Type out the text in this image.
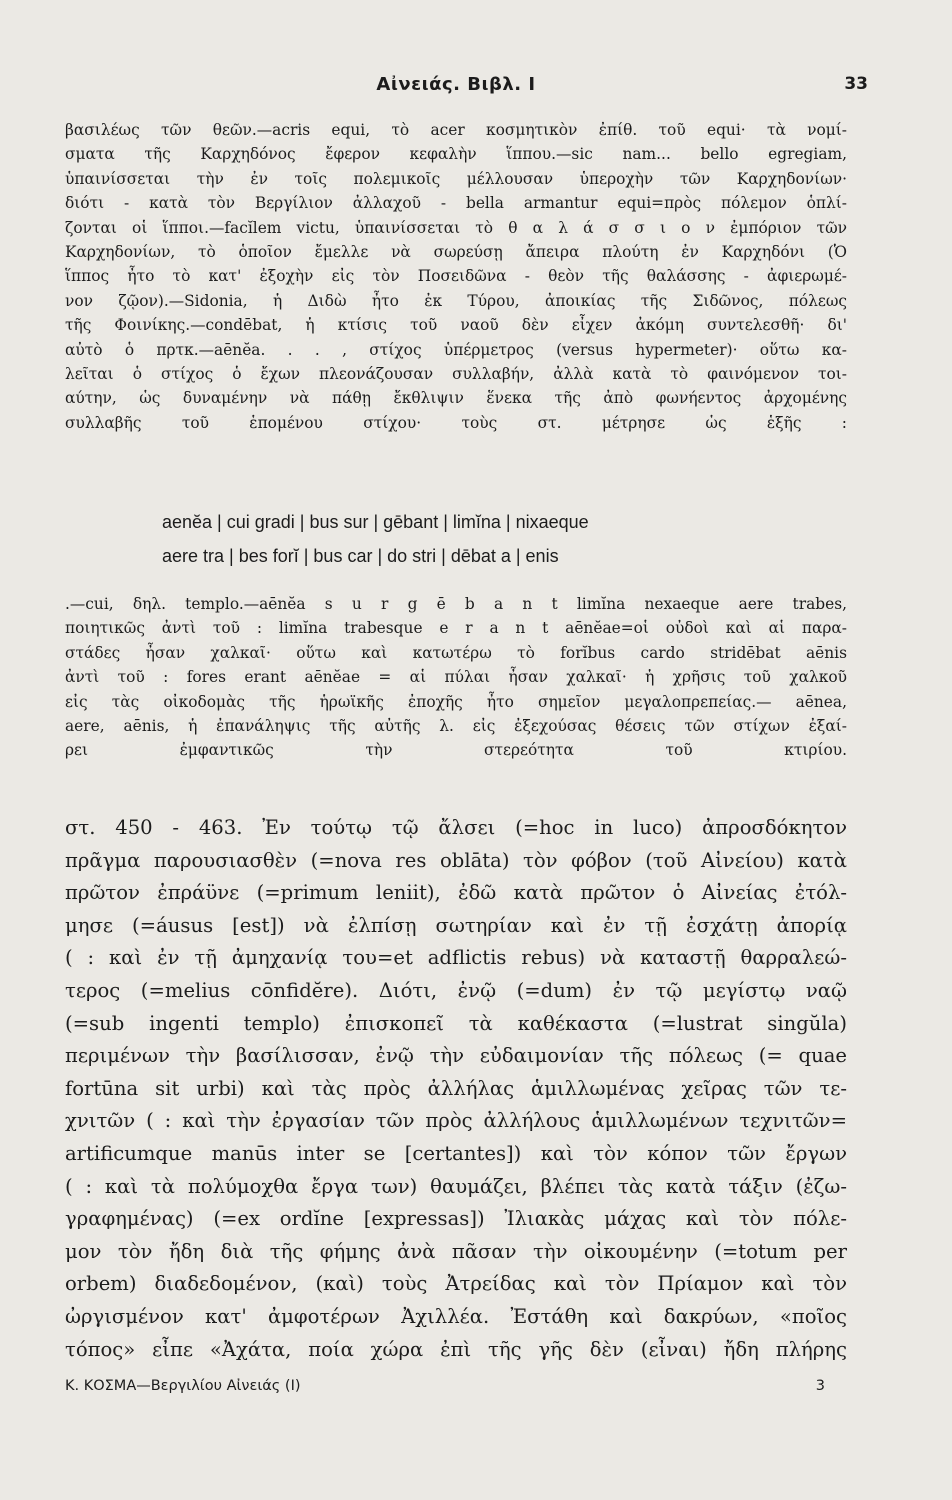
Αἰνειάς. Βιβλ. I	33
βασιλέως τῶν θεῶν.—acris equi, τὸ acer κοσμητικὸν ἐπίθ. τοῦ equi· τὰ νομί-
σματα τῆς Καρχηδόνος ἔφερον κεφαλὴν ἵππου.—sic nam... bello egregiam,
ὑπαινίσσεται τὴν ἐν τοῖς πολεμικοῖς μέλλουσαν ὑπεροχὴν τῶν Καρχηδονίων·
διότι - κατὰ τὸν Βεργίλιον ἀλλαχοῦ - bella armantur equi=πρὸς πόλεμον ὁπλί-
ζονται οἱ ἵπποι.—facĭlem victu, ὑπαινίσσεται τὸ θ α λ ά σ σ ι ο ν ἐμπόριον τῶν
Καρχηδονίων, τὸ ὁποῖον ἔμελλε νὰ σωρεύσῃ ἄπειρα πλούτη ἐν Καρχηδόνι (Ὁ
ἵππος ἦτο τὸ κατ' ἐξοχὴν εἰς τὸν Ποσειδῶνα - θεὸν τῆς θαλάσσης - ἀφιερωμέ-
νον ζῷον).—Sidonia, ἡ Διδὼ ἦτο ἐκ Τύρου, ἀποικίας τῆς Σιδῶνος, πόλεως
τῆς Φοινίκης.—condēbat, ἡ κτίσις τοῦ ναοῦ δὲν εἶχεν ἀκόμη συντελεσθῆ· δι'
αὐτὸ ὁ πρτκ.—aēnĕa. . . , στίχος ὑπέρμετρος (versus hypermeter)· οὕτω κα-
λεῖται ὁ στίχος ὁ ἔχων πλεονάζουσαν συλλαβήν, ἀλλὰ κατὰ τὸ φαινόμενον τοι-
αύτην, ὡς δυναμένην νὰ πάθῃ ἔκθλιψιν ἕνεκα τῆς ἀπὸ φωνήεντος ἀρχομένης
συλλαβῆς τοῦ ἑπομένου στίχου· τοὺς στ. μέτρησε ὡς ἑξῆς :
aenĕa | cui gradi | bus sur | gēbant | limĭna | nixaeque
aere tra | bes forĭ | bus car | do stri | dēbat a | enis
.—cui, δηλ. templo.—aēnĕa s u r g ē b a n t limĭna nexaeque aere trabes,
ποιητικῶς ἀντὶ τοῦ : limĭna trabesque e r a n t aēnĕae=οἱ οὐδοὶ καὶ αἱ παρα-
στάδες ἦσαν χαλκαῖ· οὕτω καὶ κατωτέρω τὸ forĭbus cardo stridēbat aēnis
ἀντὶ τοῦ : fores erant aēnĕae = αἱ πύλαι ἦσαν χαλκαῖ· ἡ χρῆσις τοῦ χαλκοῦ
εἰς τὰς οἰκοδομὰς τῆς ἡρωϊκῆς ἐποχῆς ἦτο σημεῖον μεγαλοπρεπείας.— aēnea,
aere, aēnis, ἡ ἐπανάληψις τῆς αὐτῆς λ. εἰς ἐξεχούσας θέσεις τῶν στίχων ἐξαί-
ρει ἐμφαντικῶς τὴν στερεότητα τοῦ κτιρίου.
στ. 450 - 463. Ἐν τούτῳ τῷ ἄλσει (=hoc in luco) ἀπροσδόκητον
πρᾶγμα παρουσιασθὲν (=nova res oblāta) τὸν φόβον (τοῦ Αἰνείου) κατὰ
πρῶτον ἐπράϋνε (=primum leniit), ἐδῶ κατὰ πρῶτον ὁ Αἰνείας ἐτόλ-
μησε (=áusus [est]) νὰ ἐλπίσῃ σωτηρίαν καὶ ἐν τῇ ἐσχάτῃ ἀπορίᾳ
( : καὶ ἐν τῇ ἀμηχανίᾳ του=et adflictis rebus) νὰ καταστῇ θαρραλεώ-
τερος (=melius cōnfidĕre). Διότι, ἐνῷ (=dum) ἐν τῷ μεγίστῳ ναῷ
(=sub ingenti templo) ἐπισκοπεῖ τὰ καθέκαστα (=lustrat singŭla)
περιμένων τὴν βασίλισσαν, ἐνῷ τὴν εὐδαιμονίαν τῆς πόλεως (= quae
fortūna sit urbi) καὶ τὰς πρὸς ἀλλήλας ἁμιλλωμένας χεῖρας τῶν τε-
χνιτῶν ( : καὶ τὴν ἐργασίαν τῶν πρὸς ἀλλήλους ἁμιλλωμένων τεχνιτῶν=
artificumque manūs inter se [certantes]) καὶ τὸν κόπον τῶν ἔργων
( : καὶ τὰ πολύμοχθα ἔργα των) θαυμάζει, βλέπει τὰς κατὰ τάξιν (ἐζω-
γραφημένας) (=ex ordĭne [expressas]) Ἰλιακὰς μάχας καὶ τὸν πόλε-
μον τὸν ἤδη διὰ τῆς φήμης ἀνὰ πᾶσαν τὴν οἰκουμένην (=totum per
orbem) διαδεδομένον, (καὶ) τοὺς Ἀτρείδας καὶ τὸν Πρίαμον καὶ τὸν
ὠργισμένον κατ' ἀμφοτέρων Ἀχιλλέα. Ἐστάθη καὶ δακρύων, «ποῖος
τόπος» εἶπε «Ἀχάτα, ποία χώρα ἐπὶ τῆς γῆς δὲν (εἶναι) ἤδη πλήρης
Κ. ΚΟΣΜΑ—Βεργιλίου Αἰνειάς (Ι)	3
